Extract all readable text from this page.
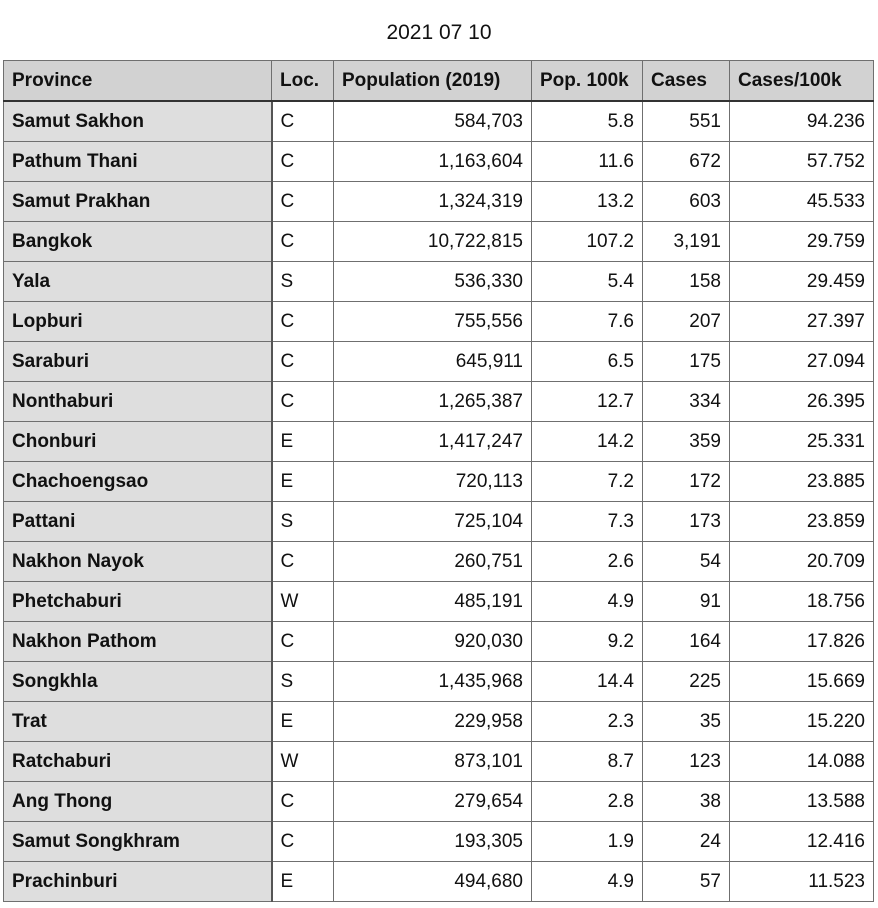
2021 07 10
Province	Loc.	Population (2019)	Pop. 100k	Cases	Cases/100k
Samut Sakhon	C	584,703	5.8	551	94.236
Pathum Thani	C	1,163,604	11.6	672	57.752
Samut Prakhan	C	1,324,319	13.2	603	45.533
Bangkok	C	10,722,815	107.2	3,191	29.759
Yala	S	536,330	5.4	158	29.459
Lopburi	C	755,556	7.6	207	27.397
Saraburi	C	645,911	6.5	175	27.094
Nonthaburi	C	1,265,387	12.7	334	26.395
Chonburi	E	1,417,247	14.2	359	25.331
Chachoengsao	E	720,113	7.2	172	23.885
Pattani	S	725,104	7.3	173	23.859
Nakhon Nayok	C	260,751	2.6	54	20.709
Phetchaburi	W	485,191	4.9	91	18.756
Nakhon Pathom	C	920,030	9.2	164	17.826
Songkhla	S	1,435,968	14.4	225	15.669
Trat	E	229,958	2.3	35	15.220
Ratchaburi	W	873,101	8.7	123	14.088
Ang Thong	C	279,654	2.8	38	13.588
Samut Songkhram	C	193,305	1.9	24	12.416
Prachinburi	E	494,680	4.9	57	11.523
